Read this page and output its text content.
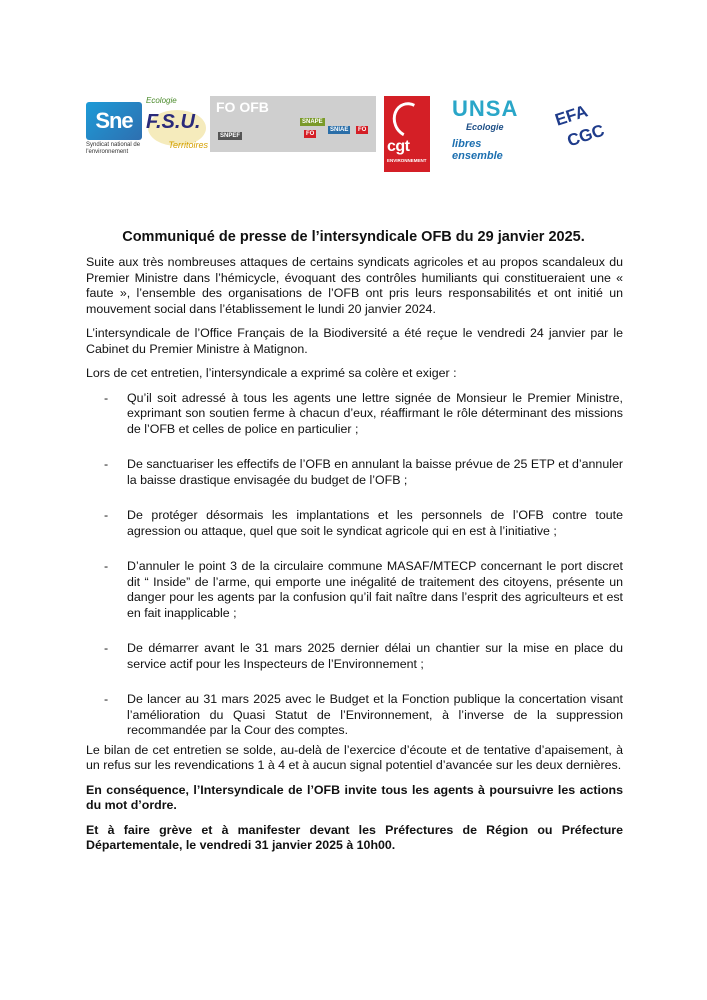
Sne
Syndicat national de l'environnement
Ecologie
F.S.U.
Territoires
FO OFB
SNPEF
SNAPE
FO
SNIAE	FO
cgt
ENVIRONNEMENT
UNSA
Ecologie
libres ensemble
EFA
CGC
Communiqué de presse de l’intersyndicale OFB du 29 janvier 2025.

Suite aux très nombreuses attaques de certains syndicats agricoles et au propos scandaleux du Premier Ministre dans l’hémicycle, évoquant des contrôles humiliants qui constitueraient une « faute », l’ensemble des organisations de l’OFB ont pris leurs responsabilités et ont initié un mouvement social dans l’établissement le lundi 20 janvier 2024.

L’intersyndicale de l’Office Français de la Biodiversité a été reçue le vendredi 24 janvier par le Cabinet du Premier Ministre à Matignon.

Lors de cet entretien, l’intersyndicale a exprimé sa colère et exiger :

- Qu’il soit adressé à tous les agents une lettre signée de Monsieur le Premier Ministre, exprimant son soutien ferme à chacun d’eux, réaffirmant le rôle déterminant des missions de l’OFB et celles de police en particulier ;
- De sanctuariser les effectifs de l’OFB en annulant la baisse prévue de 25 ETP et d’annuler la baisse drastique envisagée du budget de l’OFB ;
- De protéger désormais les implantations et les personnels de l’OFB contre toute agression ou attaque, quel que soit le syndicat agricole qui en est à l’initiative ;
- D’annuler le point 3 de la circulaire commune MASAF/MTECP concernant le port discret dit “ Inside” de l’arme, qui emporte une inégalité de traitement des citoyens, présente un danger pour les agents par la confusion qu’il fait naître dans l’esprit des agriculteurs et est en fait inapplicable ;
- De démarrer avant le 31 mars 2025 dernier délai un chantier sur la mise en place du service actif pour les Inspecteurs de l’Environnement ;
- De lancer au 31 mars 2025 avec le Budget et la Fonction publique la concertation visant l’amélioration du Quasi Statut de l’Environnement, à l’inverse de la suppression recommandée par la Cour des comptes.

Le bilan de cet entretien se solde, au-delà de l’exercice d’écoute et de tentative d’apaisement, à un refus sur les revendications 1 à 4 et à aucun signal potentiel d’avancée sur les deux dernières.

En conséquence, l’Intersyndicale de l’OFB invite tous les agents à poursuivre les actions du mot d’ordre.

Et à faire grève et à manifester devant les Préfectures de Région ou Préfecture Départementale, le vendredi 31 janvier 2025 à 10h00.
